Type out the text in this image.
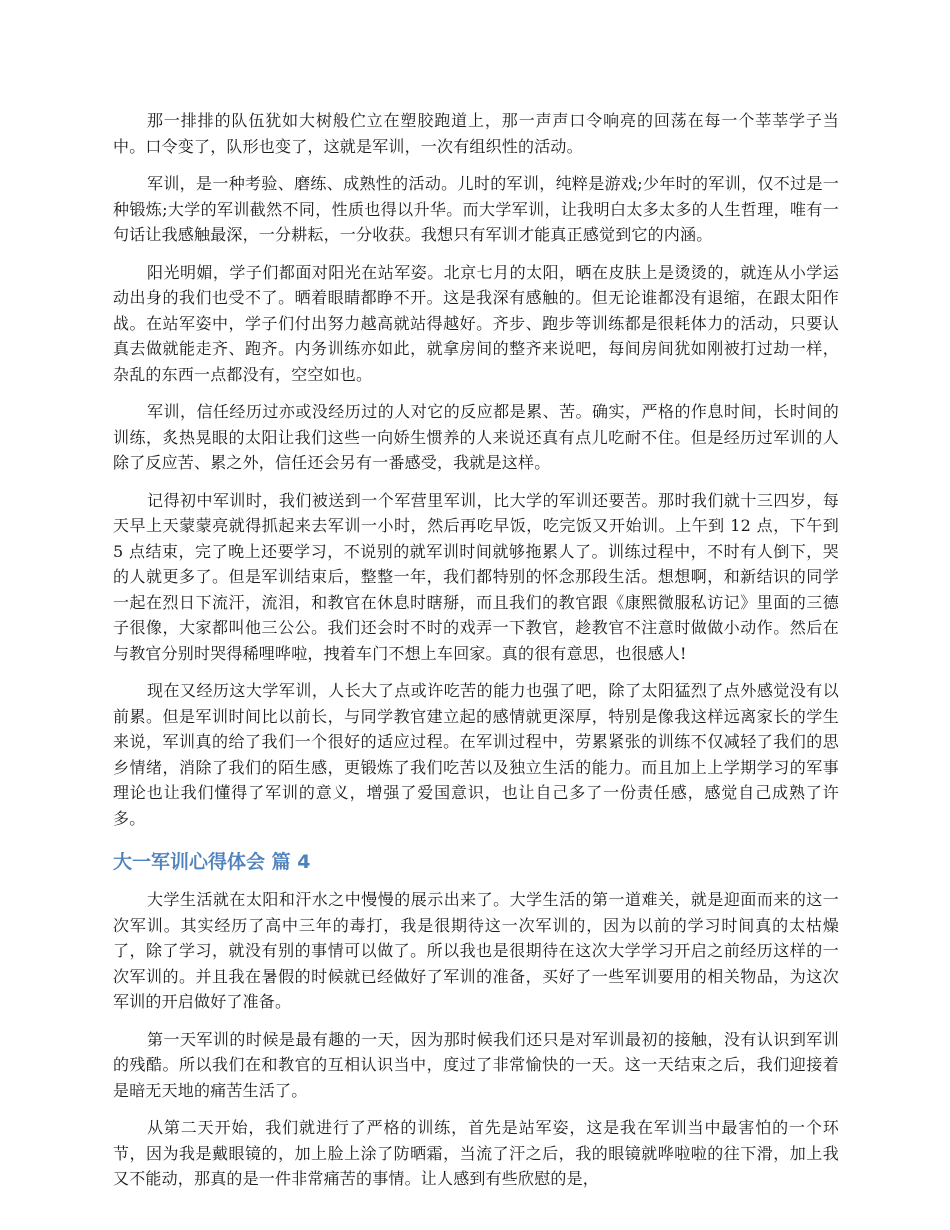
那一排排的队伍犹如大树般伫立在塑胶跑道上，那一声声口令响亮的回荡在每一个莘莘学子当中。口令变了，队形也变了，这就是军训，一次有组织性的活动。

军训，是一种考验、磨练、成熟性的活动。儿时的军训，纯粹是游戏;少年时的军训，仅不过是一种锻炼;大学的军训截然不同，性质也得以升华。而大学军训，让我明白太多太多的人生哲理，唯有一句话让我感触最深，一分耕耘，一分收获。我想只有军训才能真正感觉到它的内涵。

阳光明媚，学子们都面对阳光在站军姿。北京七月的太阳，晒在皮肤上是烫烫的，就连从小学运动出身的我们也受不了。晒着眼睛都睁不开。这是我深有感触的。但无论谁都没有退缩，在跟太阳作战。在站军姿中，学子们付出努力越高就站得越好。齐步、跑步等训练都是很耗体力的活动，只要认真去做就能走齐、跑齐。内务训练亦如此，就拿房间的整齐来说吧，每间房间犹如刚被打过劫一样，杂乱的东西一点都没有，空空如也。

军训，信任经历过亦或没经历过的人对它的反应都是累、苦。确实，严格的作息时间，长时间的训练，炙热晃眼的太阳让我们这些一向娇生惯养的人来说还真有点儿吃耐不住。但是经历过军训的人除了反应苦、累之外，信任还会另有一番感受，我就是这样。

记得初中军训时，我们被送到一个军营里军训，比大学的军训还要苦。那时我们就十三四岁，每天早上天蒙蒙亮就得抓起来去军训一小时，然后再吃早饭，吃完饭又开始训。上午到 12 点，下午到 5 点结束，完了晚上还要学习，不说别的就军训时间就够拖累人了。训练过程中，不时有人倒下，哭的人就更多了。但是军训结束后，整整一年，我们都特别的怀念那段生活。想想啊，和新结识的同学一起在烈日下流汗，流泪，和教官在休息时瞎掰，而且我们的教官跟《康熙微服私访记》里面的三德子很像，大家都叫他三公公。我们还会时不时的戏弄一下教官，趁教官不注意时做做小动作。然后在与教官分别时哭得稀哩哗啦，拽着车门不想上车回家。真的很有意思，也很感人!

现在又经历这大学军训，人长大了点或许吃苦的能力也强了吧，除了太阳猛烈了点外感觉没有以前累。但是军训时间比以前长，与同学教官建立起的感情就更深厚，特别是像我这样远离家长的学生来说，军训真的给了我们一个很好的适应过程。在军训过程中，劳累紧张的训练不仅减轻了我们的思乡情绪，消除了我们的陌生感，更锻炼了我们吃苦以及独立生活的能力。而且加上上学期学习的军事理论也让我们懂得了军训的意义，增强了爱国意识，也让自己多了一份责任感，感觉自己成熟了许多。

大一军训心得体会 篇 4

大学生活就在太阳和汗水之中慢慢的展示出来了。大学生活的第一道难关，就是迎面而来的这一次军训。其实经历了高中三年的毒打，我是很期待这一次军训的，因为以前的学习时间真的太枯燥了，除了学习，就没有别的事情可以做了。所以我也是很期待在这次大学学习开启之前经历这样的一次军训的。并且我在暑假的时候就已经做好了军训的准备，买好了一些军训要用的相关物品，为这次军训的开启做好了准备。

第一天军训的时候是最有趣的一天，因为那时候我们还只是对军训最初的接触，没有认识到军训的残酷。所以我们在和教官的互相认识当中，度过了非常愉快的一天。这一天结束之后，我们迎接着是暗无天地的痛苦生活了。

从第二天开始，我们就进行了严格的训练，首先是站军姿，这是我在军训当中最害怕的一个环节，因为我是戴眼镜的，加上脸上涂了防晒霜，当流了汗之后，我的眼镜就哗啦啦的往下滑，加上我又不能动，那真的是一件非常痛苦的事情。让人感到有些欣慰的是，
